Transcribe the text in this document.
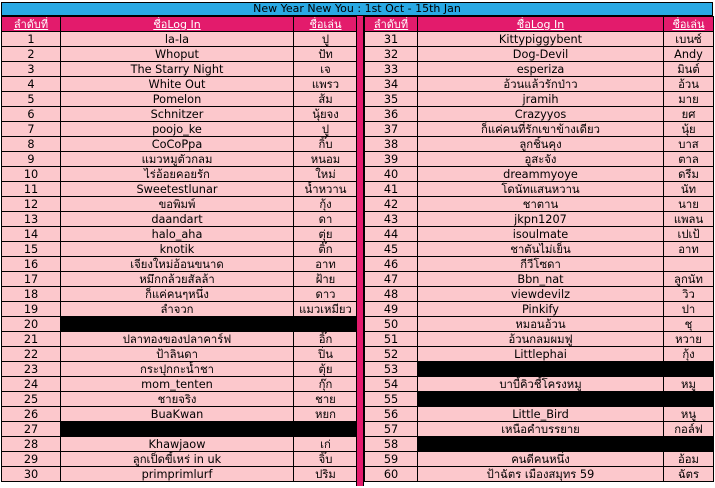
New Year New You : 1st Oct - 15th Jan
ลำดับที่	ชื่อLog In	ชื่อเล่น
1	la-la	ปู
2	Whoput	ปัท
3	The Starry Night	เจ
4	White Out	แพรว
5	Pomelon	ส้ม
6	Schnitzer	นุ้ยจง
7	poojo_ke	ปู
8	CoCoPpa	กิ๊บ
9	แมวหมูตัวกลม	หนอม
10	ไร่อ้อยคอยรัก	ใหม่
11	Sweetestlunar	น้ำหวาน
12	ขอพิมพ์	กุ้ง
13	daandart	ดา
14	halo_aha	ตุ่ย
15	knotik	ติ๊ก
16	เจียงใหม่อ้อนขนาด	อาท
17	หมึกกล้วยสัลล้า	ฝ้าย
18	ก็แค่คนๆหนึ่ง	ดาว
19	ลำจวก	แมวเหมียว
20		
21	ปลาทองของปลาคาร์ฟ	อิ๊ก
22	ป้าลินดา	ปิ่น
23	กระปุกกะน้ำชา	ตุ้ย
24	mom_tenten	กุ๊ก
25	ชายจริง	ชาย
26	BuaKwan	หยก
27		
28	Khawjaow	เก่
29	ลูกเป็ดขี้เหร่ in uk	จิ๊บ
30	primprimlurf	ปริม
ลำดับที่	ชื่อLog In	ชื่อเล่น
31	Kittypiggybent	เบนซ์
32	Dog-Devil	Andy
33	esperiza	มินต์
34	อ้วนแล้วรักป่าว	อ้วน
35	jramih	มาย
36	Crazyyos	ยศ
37	ก็แค่คนที่รักเขาข้างเดียว	นุ้ย
38	ลูกชิ้นคุง	บาส
39	อูสะจัง	ตาล
40	dreammyoye	ดรีม
41	โดนัทแสนหวาน	นัท
42	ชาตาน	นาย
43	jkpn1207	แพลน
44	isoulmate	เปเป้
45	ชาตันไม่เย็น	อาท
46	กีวีโซดา	
47	Bbn_nat	ลูกนัท
48	viewdevilz	วิว
49	Pinkify	ปา
50	หมอนอ้วน	ชุ
51	อ้วนกลมผมฟู	หวาย
52	Littlephai	กุ้ง
53		
54	บาบี้คิวชี้โครงหมู	หมู
55		
56	Little_Bird	หนู
57	เหนือคำบรรยาย	กอล์ฟ
58		
59	คนดีคนหนึ่ง	อ้อม
60	ป้าฉัตร เมืองสมุทร 59	ฉัตร
